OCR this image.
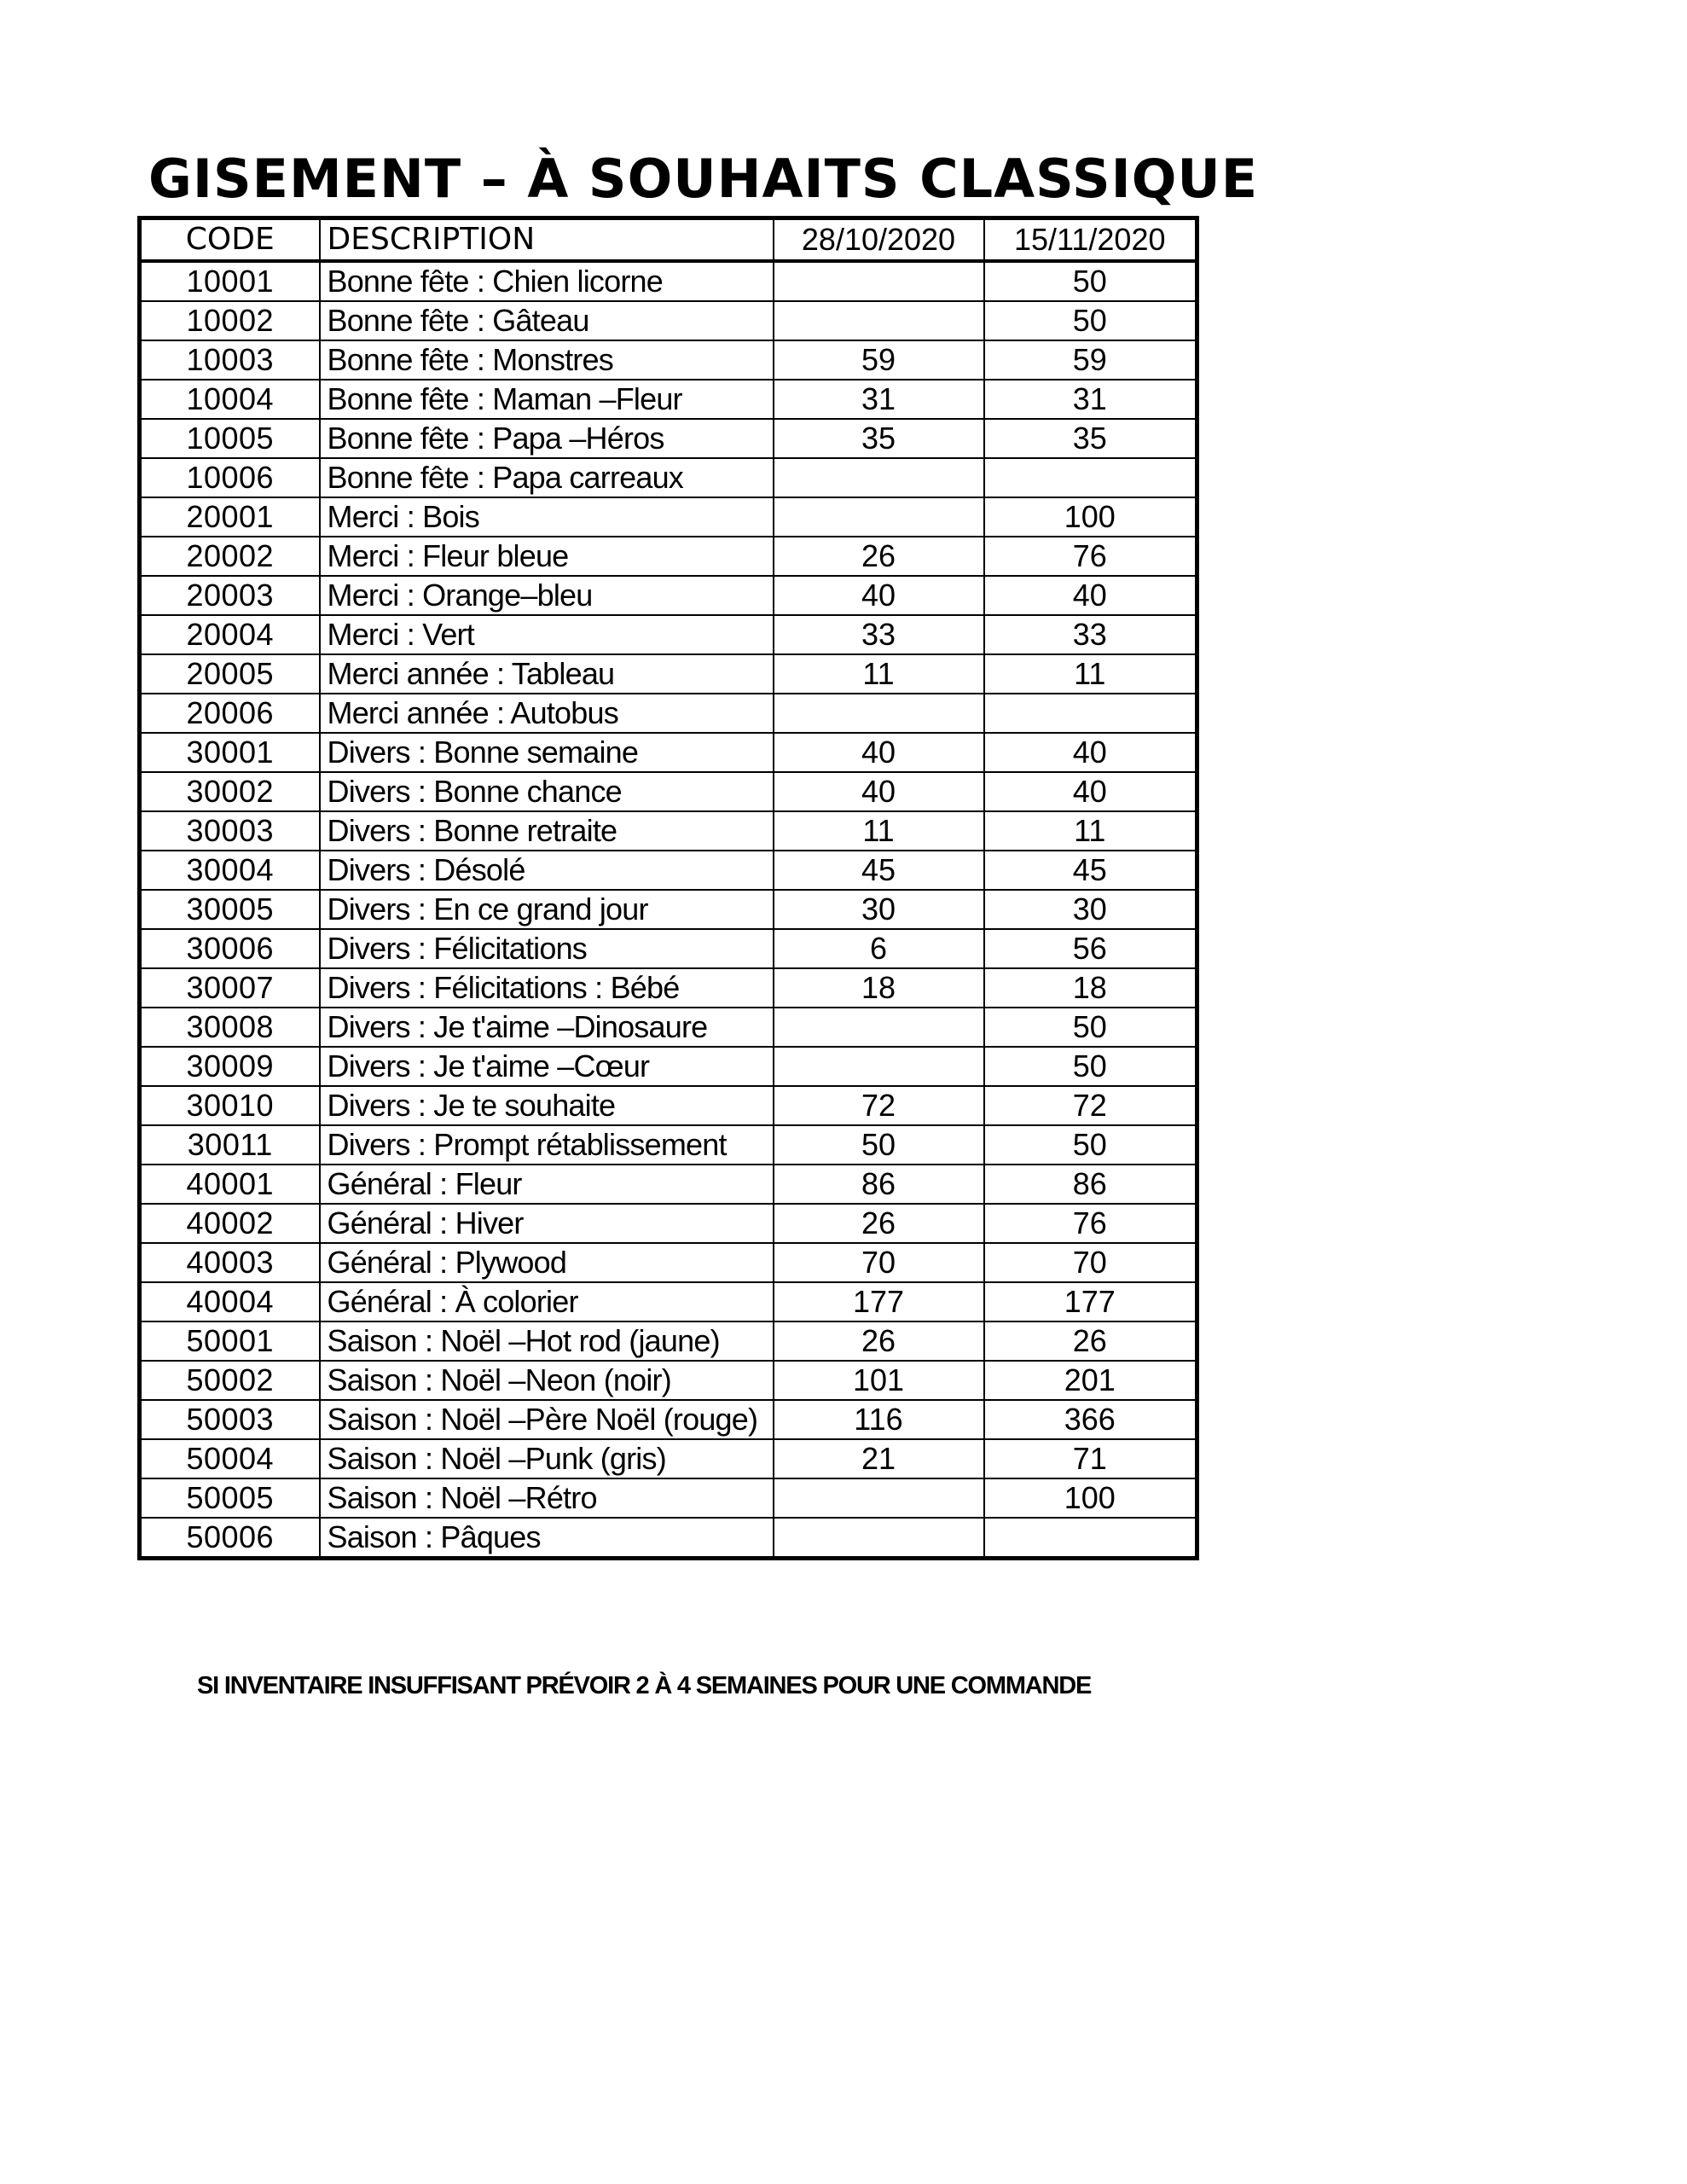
GISEMENT – À SOUHAITS CLASSIQUE
CODE	DESCRIPTION	28/10/2020	15/11/2020
10001	Bonne fête : Chien licorne		50
10002	Bonne fête : Gâteau		50
10003	Bonne fête : Monstres	59	59
10004	Bonne fête : Maman –Fleur	31	31
10005	Bonne fête : Papa –Héros	35	35
10006	Bonne fête : Papa carreaux		
20001	Merci : Bois		100
20002	Merci : Fleur bleue	26	76
20003	Merci : Orange–bleu	40	40
20004	Merci : Vert	33	33
20005	Merci année : Tableau	11	11
20006	Merci année : Autobus		
30001	Divers : Bonne semaine	40	40
30002	Divers : Bonne chance	40	40
30003	Divers : Bonne retraite	11	11
30004	Divers : Désolé	45	45
30005	Divers : En ce grand jour	30	30
30006	Divers : Félicitations	6	56
30007	Divers : Félicitations : Bébé	18	18
30008	Divers : Je t'aime –Dinosaure		50
30009	Divers : Je t'aime –Cœur		50
30010	Divers : Je te souhaite	72	72
30011	Divers : Prompt rétablissement	50	50
40001	Général : Fleur	86	86
40002	Général : Hiver	26	76
40003	Général : Plywood	70	70
40004	Général : À colorier	177	177
50001	Saison : Noël –Hot rod (jaune)	26	26
50002	Saison : Noël –Neon (noir)	101	201
50003	Saison : Noël –Père Noël (rouge)	116	366
50004	Saison : Noël –Punk (gris)	21	71
50005	Saison : Noël –Rétro		100
50006	Saison : Pâques		

SI INVENTAIRE INSUFFISANT PRÉVOIR 2 À 4 SEMAINES POUR UNE COMMANDE
